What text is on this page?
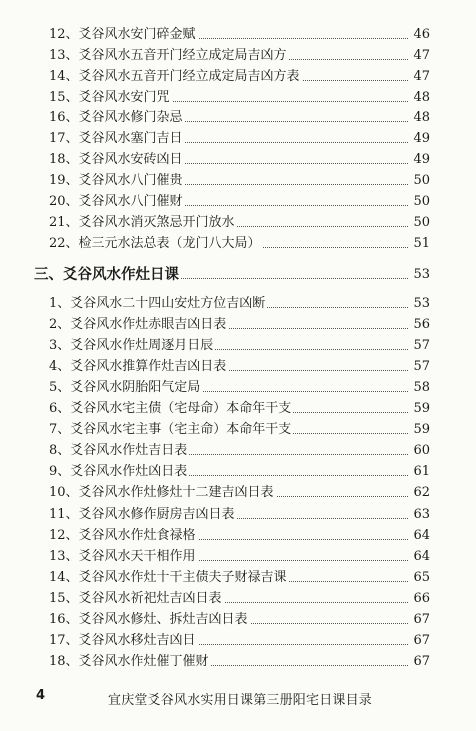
12、爻谷风水安门碎金赋	46
13、爻谷风水五音开门经立成定局吉凶方	47
14、爻谷风水五音开门经立成定局吉凶方表	47
15、爻谷风水安门咒	48
16、爻谷风水修门杂忌	48
17、爻谷风水塞门吉日	49
18、爻谷风水安砖凶日	49
19、爻谷风水八门催贵	50
20、爻谷风水八门催财	50
21、爻谷风水消灭煞忌开门放水	50
22、检三元水法总表（龙门八大局）	51
三、爻谷风水作灶日课	53
1、爻谷风水二十四山安灶方位吉凶断	53
2、爻谷风水作灶赤眼吉凶日表	56
3、爻谷风水作灶周逐月日辰	57
4、爻谷风水推算作灶吉凶日表	57
5、爻谷风水阴胎阳气定局	58
6、爻谷风水宅主债（宅母命）本命年干支	59
7、爻谷风水宅主事（宅主命）本命年干支	59
8、爻谷风水作灶吉日表	60
9、爻谷风水作灶凶日表	61
10、爻谷风水作灶修灶十二建吉凶日表	62
11、爻谷风水修作厨房吉凶日表	63
12、爻谷风水作灶食禄格	64
13、爻谷风水天干相作用	64
14、爻谷风水作灶十干主债夫子财禄吉课	65
15、爻谷风水祈祀灶吉凶日表	66
16、爻谷风水修灶、拆灶吉凶日表	67
17、爻谷风水移灶吉凶日	67
18、爻谷风水作灶催丁催财	67
4	宜庆堂爻谷风水实用日课第三册阳宅日课目录
